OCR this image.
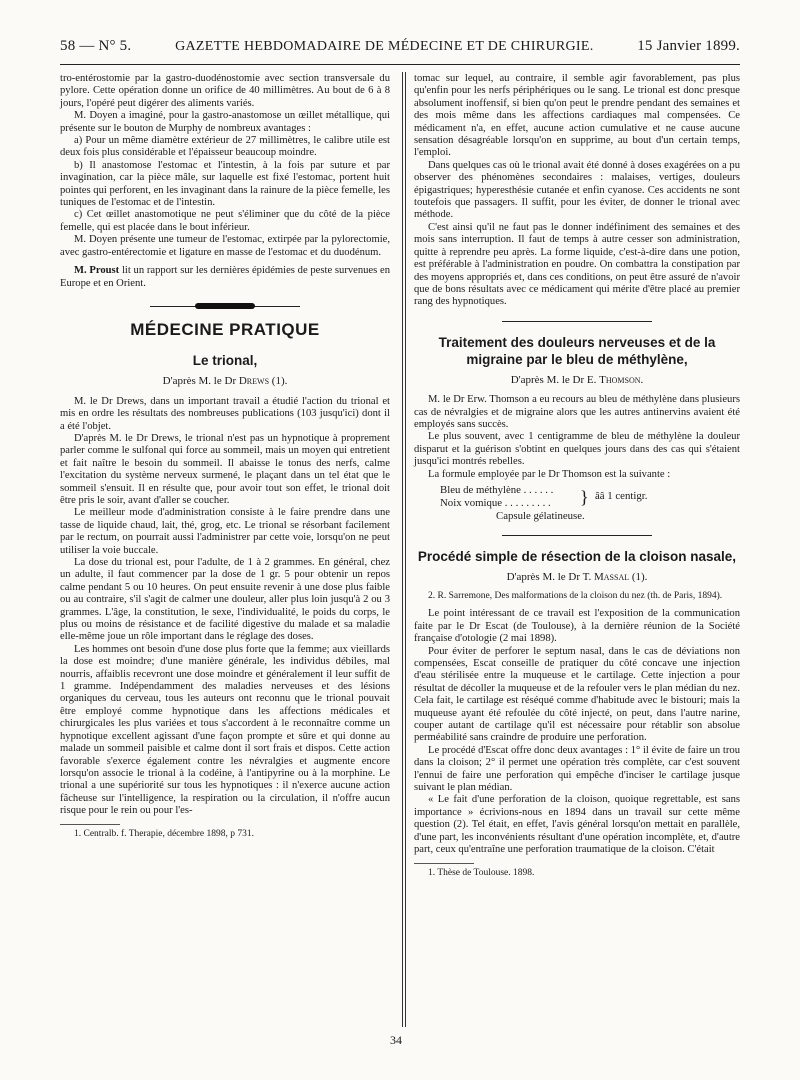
58 — N° 5.	GAZETTE HEBDOMADAIRE DE MÉDECINE ET DE CHIRURGIE.	15 Janvier 1899.

tro-entérostomie par la gastro-duodénostomie avec section transversale du pylore. Cette opération donne un orifice de 40 millimètres. Au bout de 6 à 8 jours, l'opéré peut digérer des aliments variés.

M. Doyen a imaginé, pour la gastro-anastomose un œillet métallique, qui présente sur le bouton de Murphy de nombreux avantages :

a) Pour un même diamètre extérieur de 27 millimètres, le calibre utile est deux fois plus considérable et l'épaisseur beaucoup moindre.

b) Il anastomose l'estomac et l'intestin, à la fois par suture et par invagination, car la pièce mâle, sur laquelle est fixé l'estomac, portent huit pointes qui perforent, en les invaginant dans la rainure de la pièce femelle, les tuniques de l'estomac et de l'intestin.

c) Cet œillet anastomotique ne peut s'éliminer que du côté de la pièce femelle, qui est placée dans le bout inférieur.

M. Doyen présente une tumeur de l'estomac, extirpée par la pylorectomie, avec gastro-entérectomie et ligature en masse de l'estomac et du duodénum.

M. Proust lit un rapport sur les dernières épidémies de peste survenues en Europe et en Orient.

MÉDECINE PRATIQUE
Le trional,
D'après M. le Dr Drews (1).

M. le Dr Drews, dans un important travail a étudié l'action du trional et mis en ordre les résultats des nombreuses publications (103 jusqu'ici) dont il a été l'objet.

D'après M. le Dr Drews, le trional n'est pas un hypnotique à proprement parler comme le sulfonal qui force au sommeil, mais un moyen qui entretient et fait naître le besoin du sommeil. Il abaisse le tonus des nerfs, calme l'excitation du système nerveux surmené, le plaçant dans un tel état que le sommeil s'ensuit. Il en résulte que, pour avoir tout son effet, le trional doit être pris le soir, avant d'aller se coucher.

Le meilleur mode d'administration consiste à le faire prendre dans une tasse de liquide chaud, lait, thé, grog, etc. Le trional se résorbant facilement par le rectum, on pourrait aussi l'administrer par cette voie, lorsqu'on ne peut utiliser la voie buccale.

La dose du trional est, pour l'adulte, de 1 à 2 grammes. En général, chez un adulte, il faut commencer par la dose de 1 gr. 5 pour obtenir un repos calme pendant 5 ou 10 heures. On peut ensuite revenir à une dose plus faible ou au contraire, s'il s'agit de calmer une douleur, aller plus loin jusqu'à 2 ou 3 grammes. L'âge, la constitution, le sexe, l'individualité, le poids du corps, le plus ou moins de résistance et de facilité digestive du malade et sa maladie elle-même joue un rôle important dans le réglage des doses.

Les hommes ont besoin d'une dose plus forte que la femme; aux vieillards la dose est moindre; d'une manière générale, les individus débiles, mal nourris, affaiblis recevront une dose moindre et généralement il leur suffit de 1 gramme. Indépendamment des maladies nerveuses et des lésions organiques du cerveau, tous les auteurs ont reconnu que le trional pouvait être employé comme hypnotique dans les affections médicales et chirurgicales les plus variées et tous s'accordent à le reconnaître comme un hypnotique excellent agissant d'une façon prompte et sûre et qui donne au malade un sommeil paisible et calme dont il sort frais et dispos. Cette action favorable s'exerce également contre les névralgies et augmente encore lorsqu'on associe le trional à la codéine, à l'antipyrine ou à la morphine. Le trional a une supériorité sur tous les hypnotiques : il n'exerce aucune action fâcheuse sur l'intelligence, la respiration ou la circulation, il n'offre aucun risque pour le rein ou pour l'es-

1. Centralb. f. Therapie, décembre 1898, p 731.

tomac sur lequel, au contraire, il semble agir favorablement, pas plus qu'enfin pour les nerfs périphériques ou le sang. Le trional est donc presque absolument inoffensif, si bien qu'on peut le prendre pendant des semaines et des mois même dans les affections cardiaques mal compensées. Ce médicament n'a, en effet, aucune action cumulative et ne cause aucune sensation désagréable lorsqu'on en supprime, au bout d'un certain temps, l'emploi.

Dans quelques cas où le trional avait été donné à doses exagérées on a pu observer des phénomènes secondaires : malaises, vertiges, douleurs épigastriques; hyperesthésie cutanée et enfin cyanose. Ces accidents ne sont toutefois que passagers. Il suffit, pour les éviter, de donner le trional avec méthode.

C'est ainsi qu'il ne faut pas le donner indéfiniment des semaines et des mois sans interruption. Il faut de temps à autre cesser son administration, quitte à reprendre peu après. La forme liquide, c'est-à-dire dans une potion, est préférable à l'administration en poudre. On combattra la constipation par des moyens appropriés et, dans ces conditions, on peut être assuré de n'avoir que de bons résultats avec ce médicament qui mérite d'être placé au premier rang des hypnotiques.

Traitement des douleurs nerveuses et de la migraine par le bleu de méthylène,
D'après M. le Dr E. Thomson.

M. le Dr Erw. Thomson a eu recours au bleu de méthylène dans plusieurs cas de névralgies et de migraine alors que les autres antinervins avaient été employés sans succès.

Le plus souvent, avec 1 centigramme de bleu de méthylène la douleur disparut et la guérison s'obtint en quelques jours dans des cas qui s'étaient jusqu'ici montrés rebelles.

La formule employée par le Dr Thomson est la suivante :

Bleu de méthylène . . . . . .
Noix vomique . . . . . . . . .	} ââ 1 centigr.
Capsule gélatineuse.
Procédé simple de résection de la cloison nasale,
D'après M. le Dr T. Massal (1).

2. R. Sarremone, Des malformations de la cloison du nez (th. de Paris, 1894).

Le point intéressant de ce travail est l'exposition de la communication faite par le Dr Escat (de Toulouse), à la dernière réunion de la Société française d'otologie (2 mai 1898).

Pour éviter de perforer le septum nasal, dans le cas de déviations non compensées, Escat conseille de pratiquer du côté concave une injection d'eau stérilisée entre la muqueuse et le cartilage. Cette injection a pour résultat de décoller la muqueuse et de la refouler vers le plan médian du nez. Cela fait, le cartilage est réséqué comme d'habitude avec le bistouri; mais la muqueuse ayant été refoulée du côté injecté, on peut, dans l'autre narine, couper autant de cartilage qu'il est nécessaire pour rétablir son absolue perméabilité sans craindre de produire une perforation.

Le procédé d'Escat offre donc deux avantages : 1° il évite de faire un trou dans la cloison; 2° il permet une opération très complète, car c'est souvent l'ennui de faire une perforation qui empêche d'inciser le cartilage jusque suivant le plan médian.

« Le fait d'une perforation de la cloison, quoique regrettable, est sans importance » écrivions-nous en 1894 dans un travail sur cette même question (2). Tel était, en effet, l'avis général lorsqu'on mettait en parallèle, d'une part, les inconvénients résultant d'une opération incomplète, et, d'autre part, ceux qu'entraîne une perforation traumatique de la cloison. C'était

1. Thèse de Toulouse. 1898.

34
